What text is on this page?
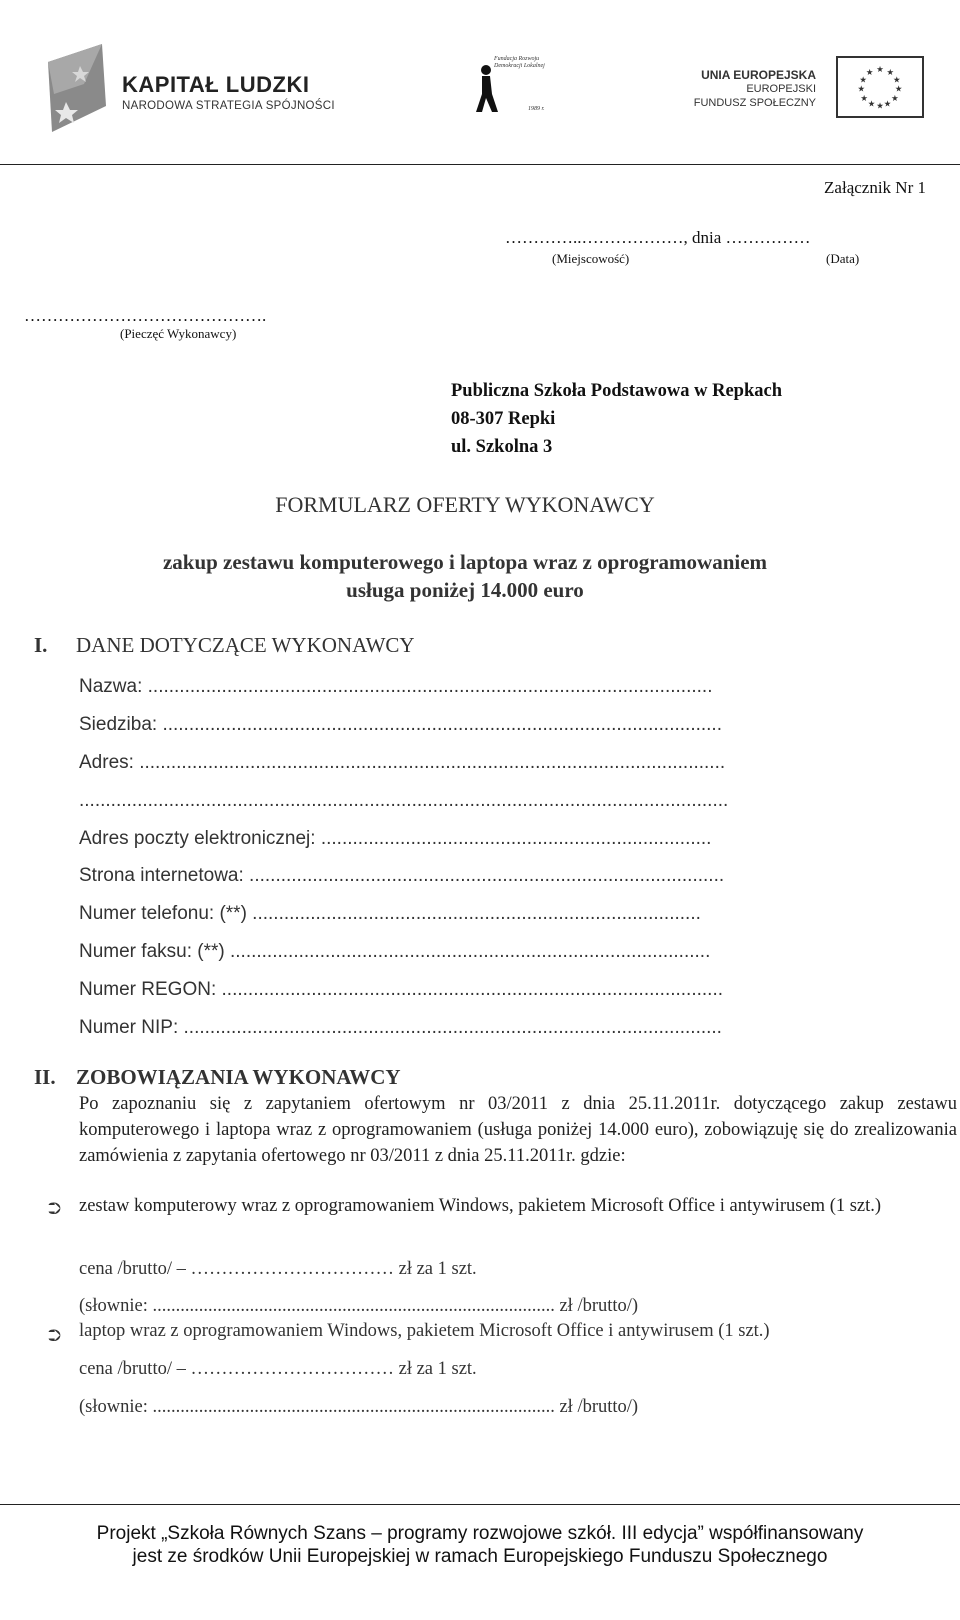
KAPITAŁ LUDZKI
NARODOWA STRATEGIA SPÓJNOŚCI
Fundacja Rozwoju Demokracji Lokalnej
1989 r.
UNIA EUROPEJSKA
EUROPEJSKI
FUNDUSZ SPOŁECZNY
★ ★
★
★
★
★
★
★
★
★
★
★
Załącznik Nr 1
…………..………………, dnia ……………
(Miejscowość)	(Data)
…………………………………….
(Pieczęć Wykonawcy)
Publiczna Szkoła Podstawowa w Repkach
08-307 Repki
ul. Szkolna 3
FORMULARZ OFERTY WYKONAWCY
zakup zestawu komputerowego i laptopa wraz z oprogramowaniem
usługa poniżej 14.000 euro
I. DANE DOTYCZĄCE WYKONAWCY
Nazwa: ...........................................................................................................
Siedziba: ..........................................................................................................
Adres: ...............................................................................................................
...........................................................................................................................
Adres poczty elektronicznej: ..........................................................................
Strona internetowa: ..........................................................................................
Numer telefonu: (**) .....................................................................................
Numer faksu: (**) ...........................................................................................
Numer REGON: ...............................................................................................
Numer NIP: ......................................................................................................
II. ZOBOWIĄZANIA WYKONAWCY
Po zapoznaniu się z zapytaniem ofertowym nr 03/2011 z dnia 25.11.2011r. dotyczącego zakup zestawu komputerowego i laptopa wraz z oprogramowaniem (usługa poniżej 14.000 euro), zobowiązuję się do zrealizowania zamówienia z zapytania ofertowego nr 03/2011 z dnia 25.11.2011r. gdzie:
⮊ zestaw komputerowy wraz z oprogramowaniem Windows, pakietem Microsoft Office i antywirusem (1 szt.)
cena /brutto/ – …………………………… zł za 1 szt.
(słownie: ....................................................................................... zł /brutto/)
⮊ laptop wraz z oprogramowaniem Windows, pakietem Microsoft Office i antywirusem (1 szt.)
cena /brutto/ – …………………………… zł za 1 szt.
(słownie: ....................................................................................... zł /brutto/)
Projekt „Szkoła Równych Szans – programy rozwojowe szkół. III edycja” współfinansowany
jest ze środków Unii Europejskiej w ramach Europejskiego Funduszu Społecznego
